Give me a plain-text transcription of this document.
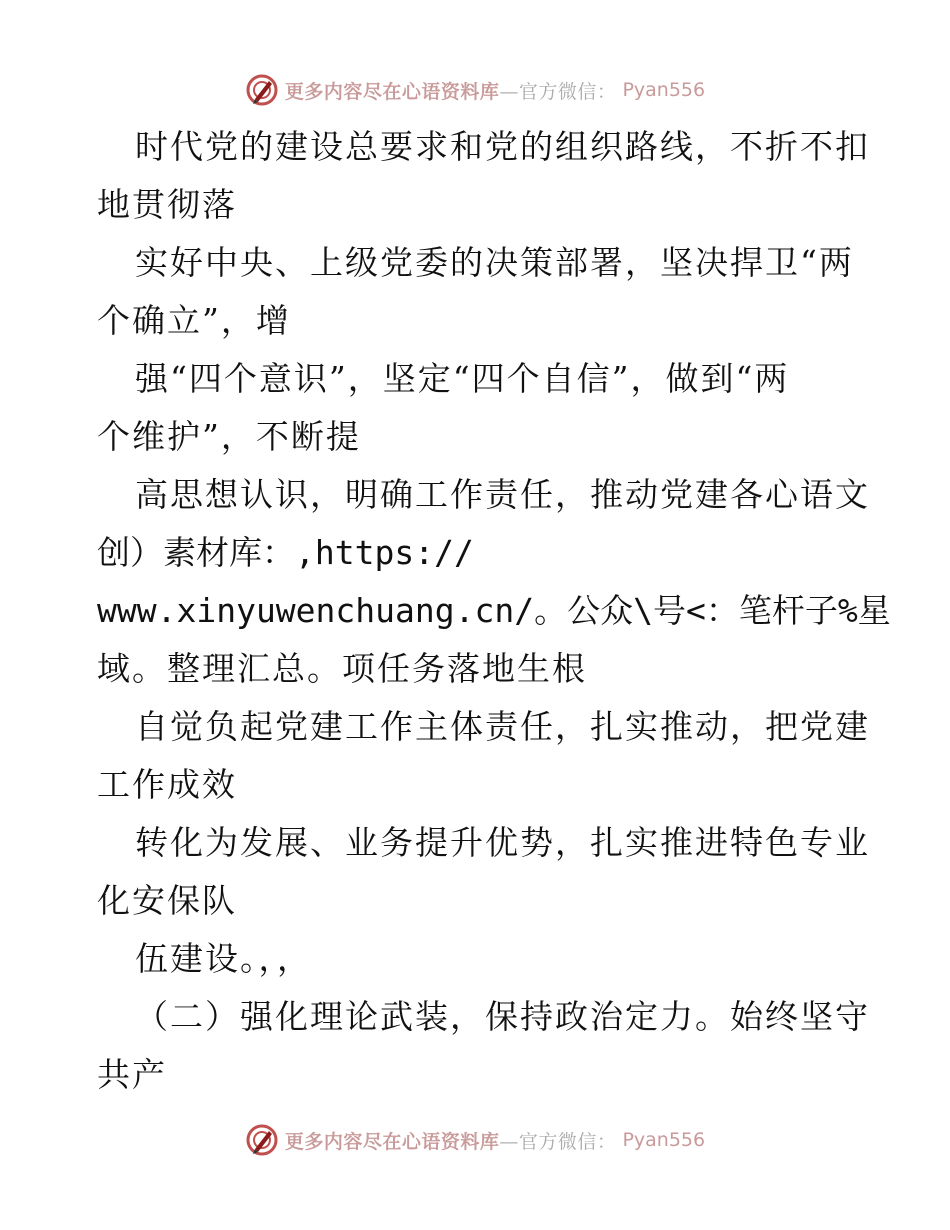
更多内容尽在心语资料库—官方微信： Pyan556
时代党的建设总要求和党的组织路线，不折不扣
地贯彻落
实好中央、上级党委的决策部署，坚决捍卫“两
个确立”，增
强“四个意识”，坚定“四个自信”，做到“两
个维护”，不断提
高思想认识，明确工作责任，推动党建各心语文
创）素材库：,https://
www.xinyuwenchuang.cn/。公众\号<：笔杆子%星
域。整理汇总。项任务落地生根
自觉负起党建工作主体责任，扎实推动，把党建
工作成效
转化为发展、业务提升优势，扎实推进特色专业
化安保队
伍建设。，，
（二）强化理论武装，保持政治定力。始终坚守
共产
更多内容尽在心语资料库—官方微信： Pyan556
